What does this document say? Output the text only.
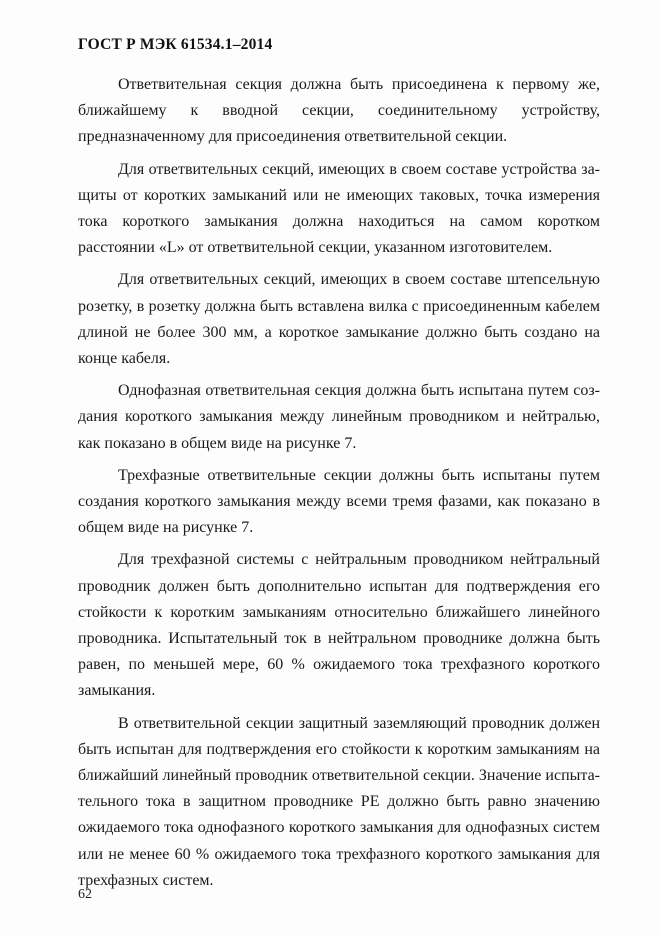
ГОСТ Р МЭК 61534.1–2014

Ответвительная секция должна быть присоединена к первому же, ближайшему к вводной секции, соединительному устройству, предназначенному для присоединения ответвительной секции.

Для ответвительных секций, имеющих в своем составе устройства защиты от коротких замыканий или не имеющих таковых, точка измерения тока короткого замыкания должна находиться на самом коротком расстоянии «L» от ответвительной секции, указанном изготовителем.

Для ответвительных секций, имеющих в своем составе штепсельную розетку, в розетку должна быть вставлена вилка с присоединенным кабелем длиной не более 300 мм, а короткое замыкание должно быть создано на конце кабеля.

Однофазная ответвительная секция должна быть испытана путем создания короткого замыкания между линейным проводником и нейтралью, как показано в общем виде на рисунке 7.

Трехфазные ответвительные секции должны быть испытаны путем создания короткого замыкания между всеми тремя фазами, как показано в общем виде на рисунке 7.

Для трехфазной системы с нейтральным проводником нейтральный проводник должен быть дополнительно испытан для подтверждения его стойкости к коротким замыканиям относительно ближайшего линейного проводника. Испытательный ток в нейтральном проводнике должна быть равен, по меньшей мере, 60 % ожидаемого тока трехфазного короткого замыкания.

В ответвительной секции защитный заземляющий проводник должен быть испытан для подтверждения его стойкости к коротким замыканиям на ближайший линейный проводник ответвительной секции. Значение испытательного тока в защитном проводнике PE должно быть равно значению ожидаемого тока однофазного короткого замыкания для однофазных систем или не менее 60 % ожидаемого тока трехфазного короткого замыкания для трехфазных систем.

62
